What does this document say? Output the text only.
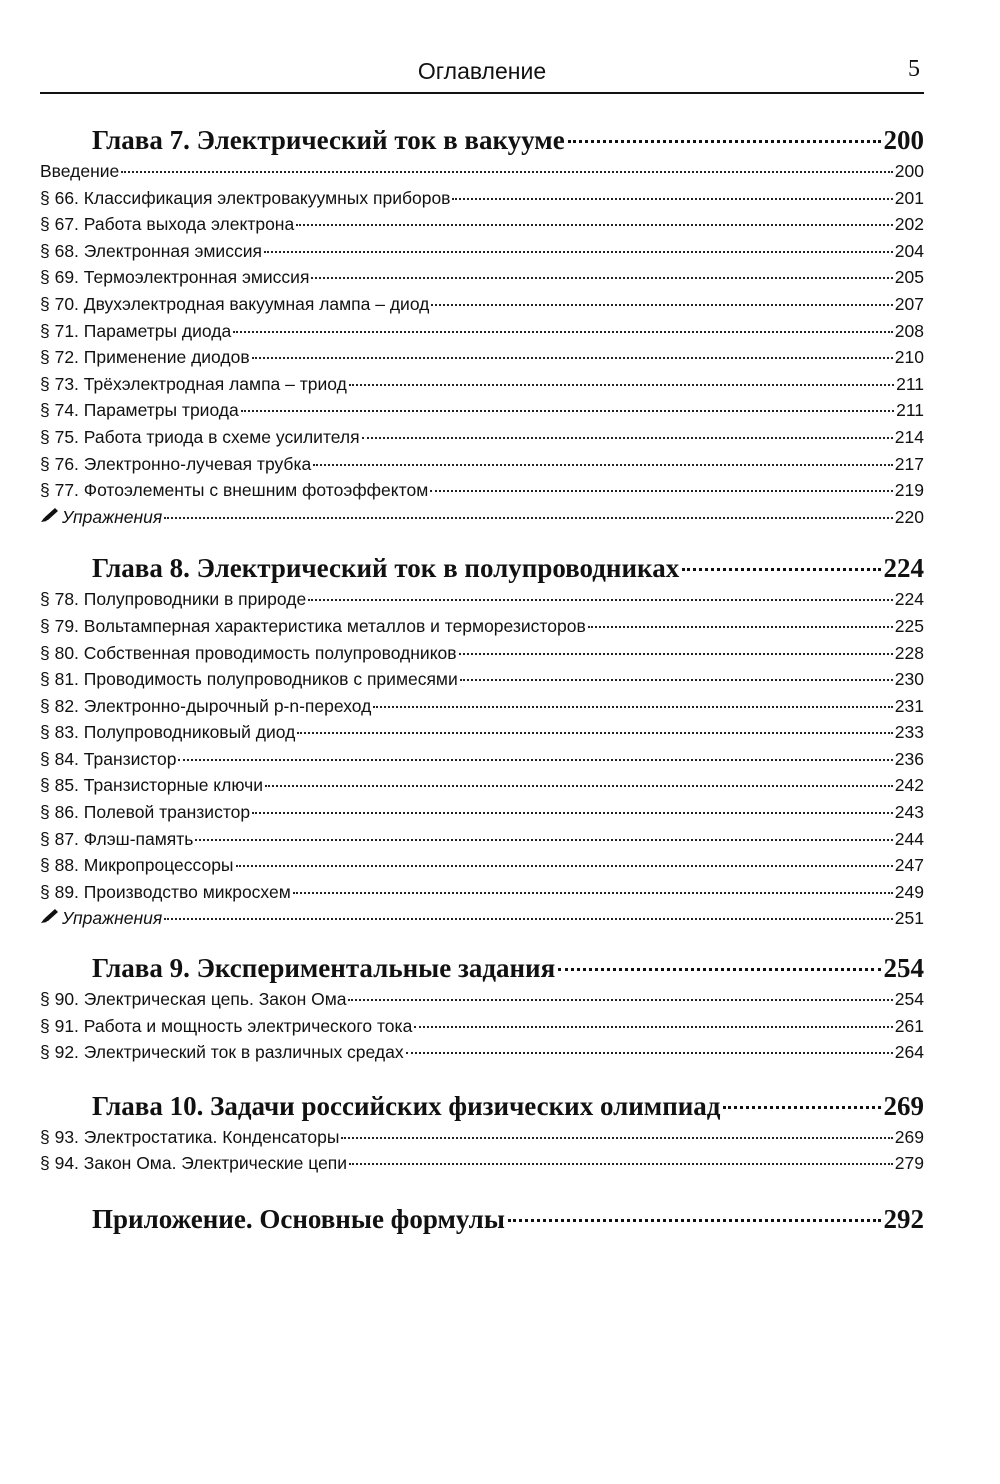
Оглавление	5
Глава 7. Электрический ток в вакууме	200
Введение	200
§ 66. Классификация электровакуумных приборов	201
§ 67. Работа выхода электрона	202
§ 68. Электронная эмиссия	204
§ 69. Термоэлектронная эмиссия	205
§ 70. Двухэлектродная вакуумная лампа – диод	207
§ 71. Параметры диода	208
§ 72. Применение диодов	210
§ 73. Трёхэлектродная лампа – триод	211
§ 74. Параметры триода	211
§ 75. Работа триода в схеме усилителя	214
§ 76. Электронно-лучевая трубка	217
§ 77. Фотоэлементы с внешним фотоэффектом	219
Упражнения	220
Глава 8. Электрический ток в полупроводниках	224
§ 78. Полупроводники в природе	224
§ 79. Вольтамперная характеристика металлов и терморезисторов	225
§ 80. Собственная проводимость полупроводников	228
§ 81. Проводимость полупроводников с примесями	230
§ 82. Электронно-дырочный p-n-переход	231
§ 83. Полупроводниковый диод	233
§ 84. Транзистор	236
§ 85. Транзисторные ключи	242
§ 86. Полевой транзистор	243
§ 87. Флэш-память	244
§ 88. Микропроцессоры	247
§ 89. Производство микросхем	249
Упражнения	251
Глава 9. Экспериментальные задания	254
§ 90. Электрическая цепь. Закон Ома	254
§ 91. Работа и мощность электрического тока	261
§ 92. Электрический ток в различных средах	264
Глава 10. Задачи российских физических олимпиад	269
§ 93. Электростатика. Конденсаторы	269
§ 94. Закон Ома. Электрические цепи	279
Приложение. Основные формулы	292
